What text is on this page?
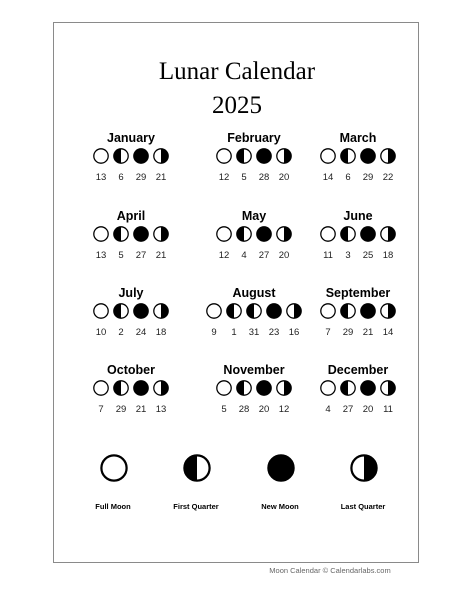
Lunar Calendar
2025
January
13	6	29 21
February
12	5	28 20
March
14	6	29 22
April
13	5	27 21
May
12	4	27 20
June
11	3	25 18
July
10	2	24 18
August
9	1	31 23 16
September
7	29 21 14
October
7	29 21 13
November
5	28 20 12
December
4	27 20	11
Full Moon	First Quarter	New Moon	Last Quarter
Moon Calendar © Calendarlabs.com
